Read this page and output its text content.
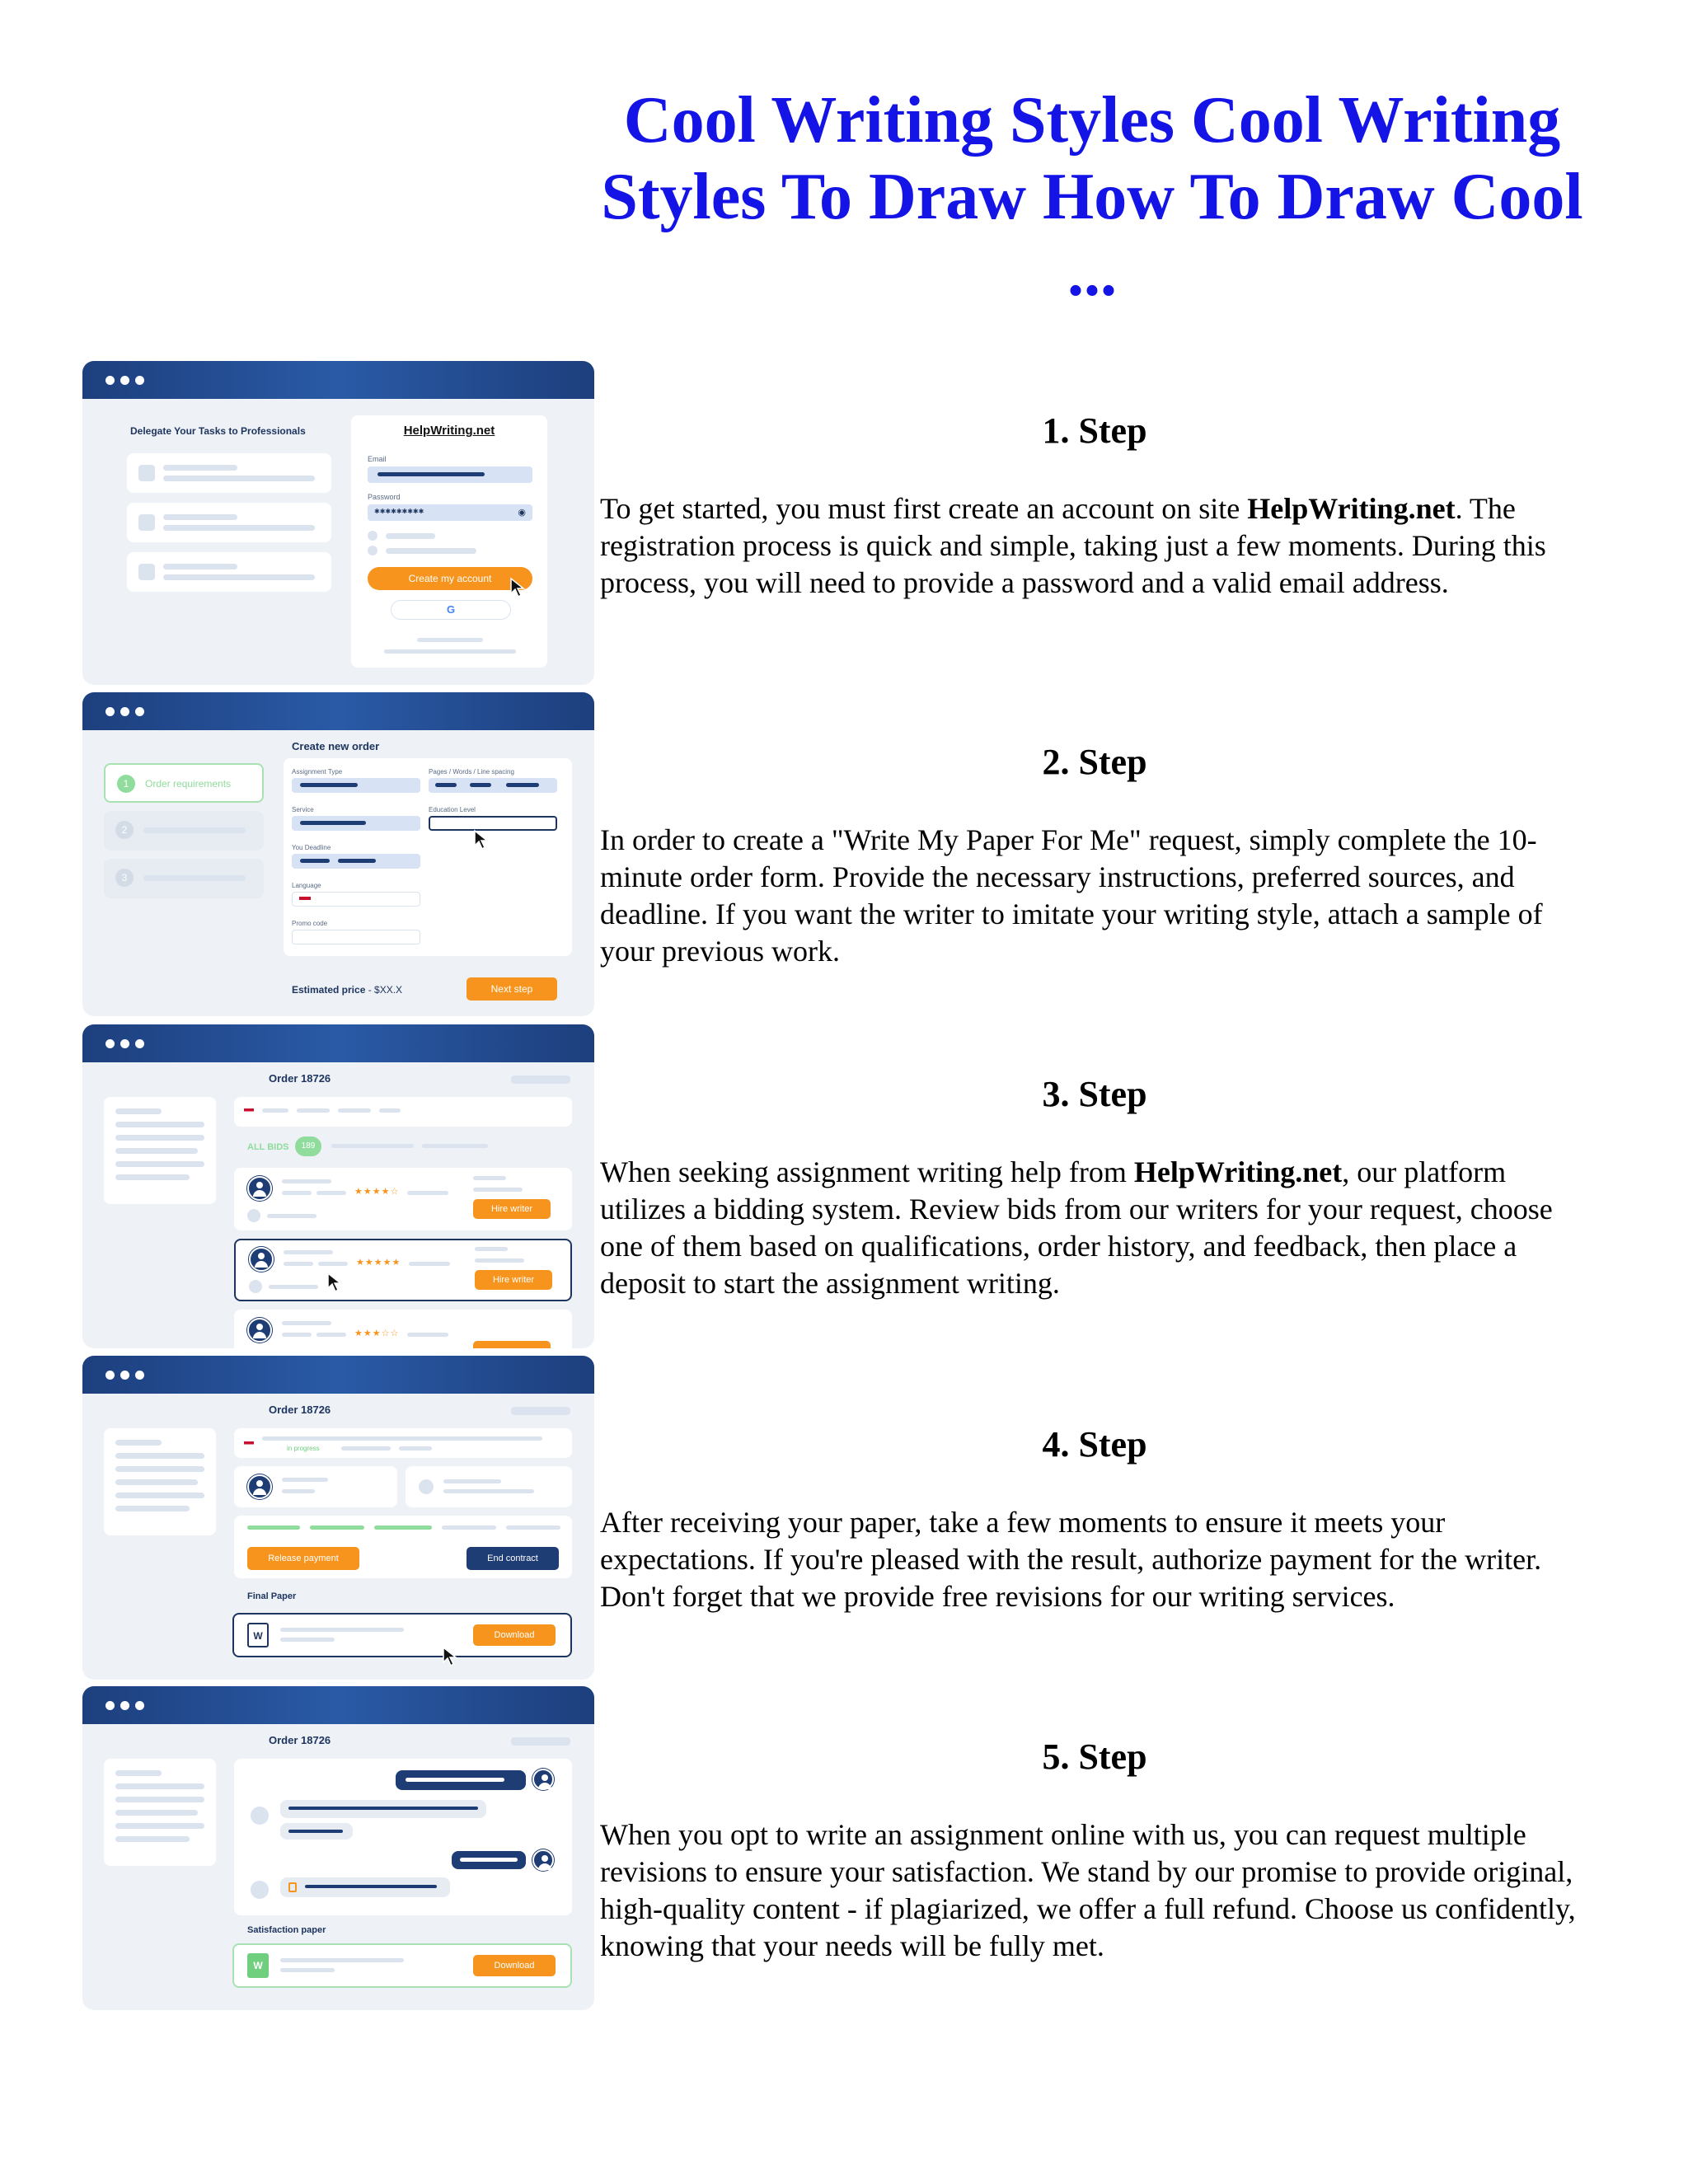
Cool Writing Styles Cool Writing Styles To Draw How To Draw Cool ...
Delegate Your Tasks to Professionals	HelpWriting.net
Email
Password
✱✱✱✱✱✱✱✱✱	◉
Create my account
G
1	Order requirements
2
3
Create new order
Assignment Type	Pages / Words / Line spacing
Service	Education Level
You Deadline
Language
Promo code
Estimated price - $XX.X	Next step
Order 18726
ALL BIDS	189
★★★★☆
Hire writer
★★★★★
Hire writer
★★★☆☆
Order 18726
in progress
Release payment	End contract
Final Paper
W	Download
Order 18726
Satisfaction paper
W	Download
1. Step

To get started, you must first create an account on site HelpWriting.net. The registration process is quick and simple, taking just a few moments. During this process, you will need to provide a password and a valid email address.

2. Step

In order to create a "Write My Paper For Me" request, simply complete the 10-minute order form. Provide the necessary instructions, preferred sources, and deadline. If you want the writer to imitate your writing style, attach a sample of your previous work.

3. Step

When seeking assignment writing help from HelpWriting.net, our platform utilizes a bidding system. Review bids from our writers for your request, choose one of them based on qualifications, order history, and feedback, then place a deposit to start the assignment writing.

4. Step

After receiving your paper, take a few moments to ensure it meets your expectations. If you're pleased with the result, authorize payment for the writer. Don't forget that we provide free revisions for our writing services.

5. Step

When you opt to write an assignment online with us, you can request multiple revisions to ensure your satisfaction. We stand by our promise to provide original, high-quality content - if plagiarized, we offer a full refund. Choose us confidently, knowing that your needs will be fully met.
